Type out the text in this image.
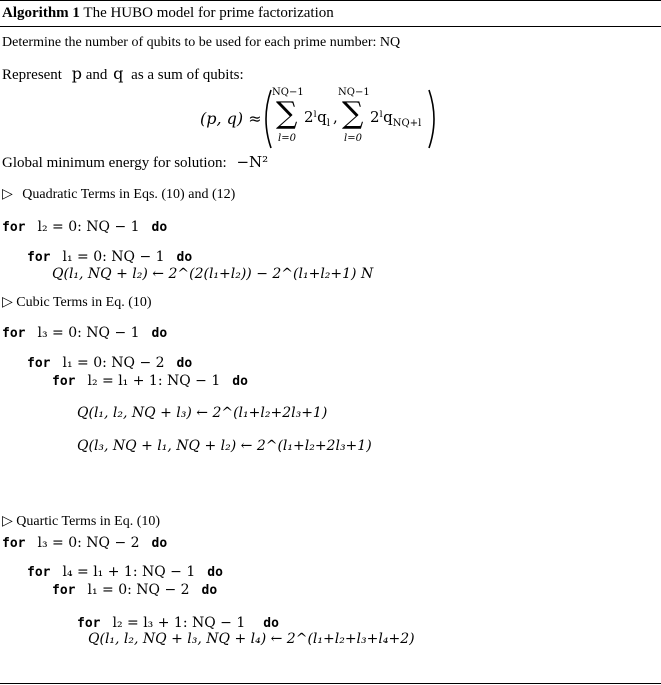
Algorithm 1 The HUBO model for prime factorization
Determine the number of qubits to be used for each prime number: NQ
Represent p and q as a sum of qubits:
(p, q) ≈
NQ−1
∑
l=0
2ˡq$_l$ ,
NQ−1
∑
l=0
2ˡq$_{NQ+l}$
Global minimum energy for solution: −N²
▷ Quadratic Terms in Eqs. (10) and (12)
for l₂ = 0: NQ − 1 do
for l₁ = 0: NQ − 1 do
Q(l₁, NQ + l₂) ← 2^(2(l₁+l₂)) − 2^(l₁+l₂+1) N
▷ Cubic Terms in Eq. (10)
for l₃ = 0: NQ − 1 do
for l₁ = 0: NQ − 2 do
for l₂ = l₁ + 1: NQ − 1 do
Q(l₁, l₂, NQ + l₃) ← 2^(l₁+l₂+2l₃+1)
Q(l₃, NQ + l₁, NQ + l₂) ← 2^(l₁+l₂+2l₃+1)
▷ Quartic Terms in Eq. (10)
for l₃ = 0: NQ − 2 do
for l₄ = l₁ + 1: NQ − 1 do
for l₁ = 0: NQ − 2 do
for l₂ = l₃ + 1: NQ − 1 do
Q(l₁, l₂, NQ + l₃, NQ + l₄) ← 2^(l₁+l₂+l₃+l₄+2)
